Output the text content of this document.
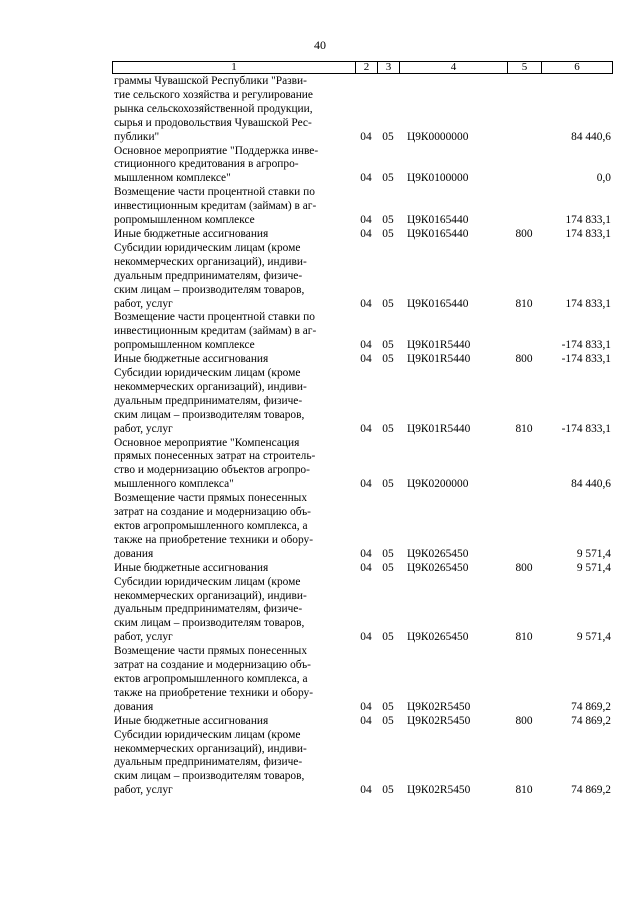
40
1	2	3	4	5	6
граммы Чувашской Республики "Разви-
тие сельского хозяйства и регулирование
рынка сельскохозяйственной продукции,
сырья и продовольствия Чувашской Рес-
публики"	04 05	Ц9К0000000	84 440,6
Основное мероприятие "Поддержка инве-
стиционного кредитования в агропро-
мышленном комплексе"	04 05	Ц9К0100000	0,0
Возмещение части процентной ставки по
инвестиционным кредитам (займам) в аг-
ропромышленном комплексе	04 05	Ц9К0165440	174 833,1
Иные бюджетные ассигнования	04 05	Ц9К0165440	800	174 833,1
Субсидии юридическим лицам (кроме
некоммерческих организаций), индиви-
дуальным предпринимателям, физиче-
ским лицам – производителям товаров,
работ, услуг	04 05	Ц9К0165440	810	174 833,1
Возмещение части процентной ставки по
инвестиционным кредитам (займам) в аг-
ропромышленном комплексе	04 05	Ц9К01R5440	-174 833,1
Иные бюджетные ассигнования	04 05	Ц9К01R5440	800	-174 833,1
Субсидии юридическим лицам (кроме
некоммерческих организаций), индиви-
дуальным предпринимателям, физиче-
ским лицам – производителям товаров,
работ, услуг	04 05	Ц9К01R5440	810	-174 833,1
Основное мероприятие "Компенсация
прямых понесенных затрат на строитель-
ство и модернизацию объектов агропро-
мышленного комплекса"	04 05	Ц9К0200000	84 440,6
Возмещение части прямых понесенных
затрат на создание и модернизацию объ-
ектов агропромышленного комплекса, а
также на приобретение техники и обору-
дования	04 05	Ц9К0265450	9 571,4
Иные бюджетные ассигнования	04 05	Ц9К0265450	800	9 571,4
Субсидии юридическим лицам (кроме
некоммерческих организаций), индиви-
дуальным предпринимателям, физиче-
ским лицам – производителям товаров,
работ, услуг	04 05	Ц9К0265450	810	9 571,4
Возмещение части прямых понесенных
затрат на создание и модернизацию объ-
ектов агропромышленного комплекса, а
также на приобретение техники и обору-
дования	04 05	Ц9К02R5450	74 869,2
Иные бюджетные ассигнования	04 05	Ц9К02R5450	800	74 869,2
Субсидии юридическим лицам (кроме
некоммерческих организаций), индиви-
дуальным предпринимателям, физиче-
ским лицам – производителям товаров,
работ, услуг	04 05	Ц9К02R5450	810	74 869,2
